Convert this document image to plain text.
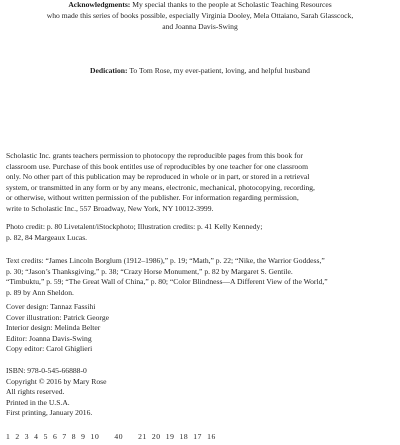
Acknowledgments: My special thanks to the people at Scholastic Teaching Resources
who made this series of books possible, especially Virginia Dooley, Mela Ottaiano, Sarah Glasscock,
and Joanna Davis-Swing
Dedication: To Tom Rose, my ever-patient, loving, and helpful husband
Scholastic Inc. grants teachers permission to photocopy the reproducible pages from this book for
classroom use. Purchase of this book entitles use of reproducibles by one teacher for one classroom
only. No other part of this publication may be reproduced in whole or in part, or stored in a retrieval
system, or transmitted in any form or by any means, electronic, mechanical, photocopying, recording,
or otherwise, without written permission of the publisher. For information regarding permission,
write to Scholastic Inc., 557 Broadway, New York, NY 10012-3999.
Photo credit: p. 80 Livetalent/iStockphoto; Illustration credits: p. 41 Kelly Kennedy;
p. 82, 84 Margeaux Lucas.
Text credits: “James Lincoln Borglum (1912–1986),” p. 19; “Math,” p. 22; “Nike, the Warrior Goddess,”
p. 30; “Jason’s Thanksgiving,” p. 38; “Crazy Horse Monument,” p. 82 by Margaret S. Gentile.
“Timbuktu,” p. 59; “The Great Wall of China,” p. 80; “Color Blindness—A Different View of the World,”
p. 89 by Ann Sheldon.
Cover design: Tannaz Fassihi
Cover illustration: Patrick George
Interior design: Melinda Belter
Editor: Joanna Davis-Swing
Copy editor: Carol Ghiglieri
ISBN: 978-0-545-66888-0
Copyright © 2016 by Mary Rose
All rights reserved.
Printed in the U.S.A.
First printing, January 2016.
1  2  3  4  5  6  7  8  9  10      40      21  20  19  18  17  16
